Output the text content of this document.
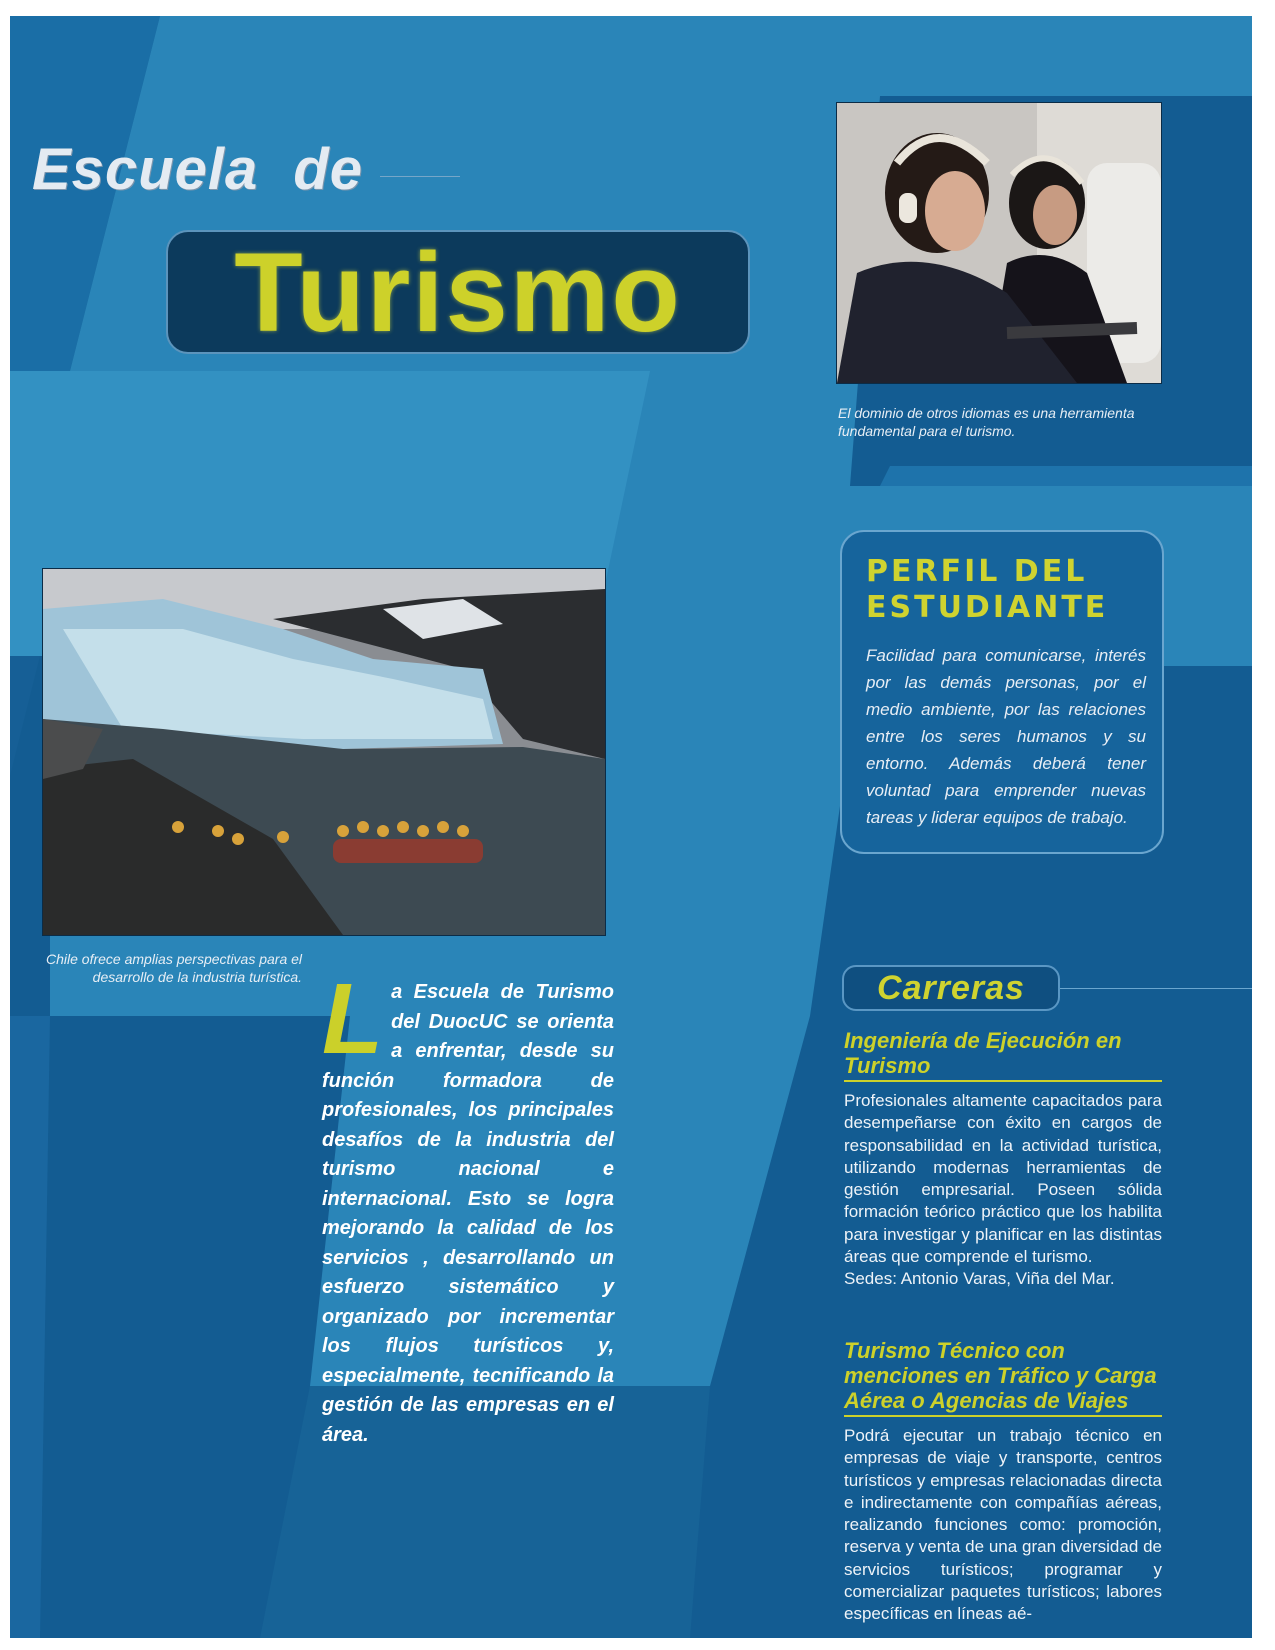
Escuela de
Turismo
El dominio de otros idiomas es una herramienta fundamental para el turismo.
Chile ofrece amplias perspectivas para el desarrollo de la industria turística.
PERFIL DEL ESTUDIANTE
Facilidad para comunicarse, interés por las demás personas, por el medio ambiente, por las relaciones entre los seres humanos y su entorno. Además deberá tener voluntad para emprender nuevas tareas y liderar equipos de trabajo.
L a Escuela de Turismo del DuocUC se orienta a enfrentar, desde su función formadora de profesionales, los principales desafíos de la industria del turismo nacional e internacional. Esto se logra mejorando la calidad de los servicios , desarrollando un esfuerzo sistemático y organizado por incrementar los flujos turísticos y, especialmente, tecnificando la gestión de las empresas en el área.
Carreras
Ingeniería de Ejecución en Turismo
Profesionales altamente capacitados para desempeñarse con éxito en cargos de responsabilidad en la actividad turística, utilizando modernas herramientas de gestión empresarial. Poseen sólida formación teórico práctico que los habilita para investigar y planificar en las distintas áreas que comprende el turismo.
Sedes: Antonio Varas, Viña del Mar.
Turismo Técnico con menciones en Tráfico y Carga Aérea o Agencias de Viajes
Podrá ejecutar un trabajo técnico en empresas de viaje y transporte, centros turísticos y empresas relacionadas directa e indirectamente con compañías aéreas, realizando funciones como: promoción, reserva y venta de una gran diversidad de servicios turísticos; programar y comercializar paquetes turísticos; labores específicas en líneas aé-
